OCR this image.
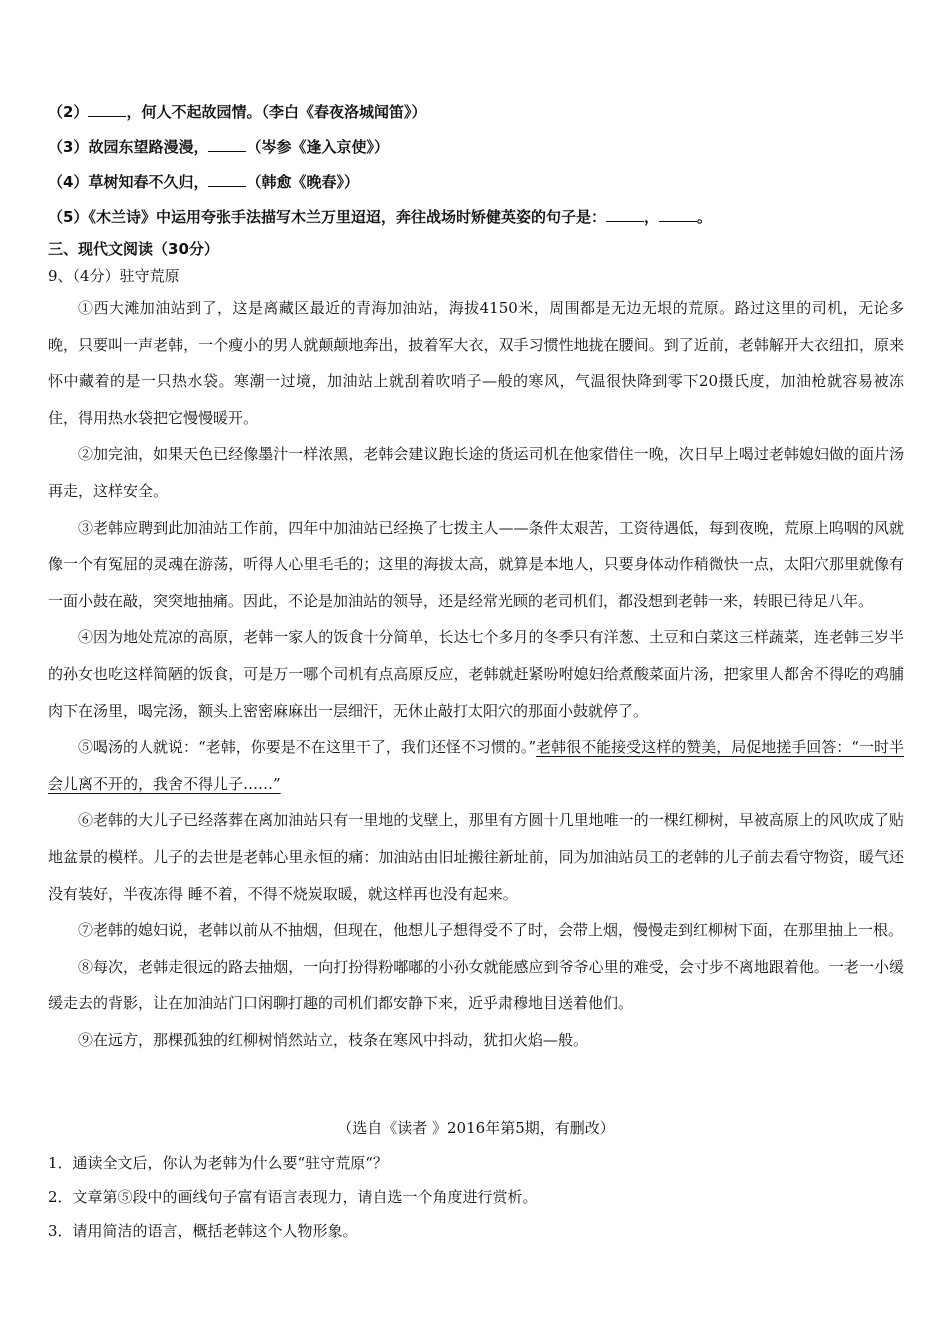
（2）	，何人不起故园情。（李白《春夜洛城闻笛》）
（3）故园东望路漫漫，	（岑参《逢入京使》）
（4）草树知春不久归，	（韩愈《晚春》）
（5）《木兰诗》中运用夸张手法描写木兰万里迢迢，奔往战场时矫健英姿的句子是：	，	。
三、现代文阅读（30分）
9、（4分）驻守荒原

①西大滩加油站到了，这是离藏区最近的青海加油站，海拔4150米，周围都是无边无垠的荒原。路过这里的司机，无论多晚，只要叫一声老韩，一个瘦小的男人就颠颠地奔出，披着军大衣，双手习惯性地拢在腰间。到了近前，老韩解开大衣纽扣，原来怀中藏着的是一只热水袋。寒潮一过境，加油站上就刮着吹哨子—般的寒风，气温很快降到零下20摄氏度，加油枪就容易被冻住，得用热水袋把它慢慢暖开。

②加完油，如果天色已经像墨汁一样浓黑，老韩会建议跑长途的货运司机在他家借住一晚，次日早上喝过老韩媳妇做的面片汤再走，这样安全。

③老韩应聘到此加油站工作前，四年中加油站已经换了七拨主人——条件太艰苦，工资待遇低，每到夜晚，荒原上呜咽的风就像一个有冤屈的灵魂在游荡，听得人心里毛毛的；这里的海拔太高，就算是本地人，只要身体动作稍微快一点，太阳穴那里就像有一面小鼓在敲，突突地抽痛。因此，不论是加油站的领导，还是经常光顾的老司机们，都没想到老韩一来，转眼已待足八年。

④因为地处荒凉的高原，老韩一家人的饭食十分简单，长达七个多月的冬季只有洋葱、土豆和白菜这三样蔬菜，连老韩三岁半的孙女也吃这样简陋的饭食，可是万一哪个司机有点高原反应，老韩就赶紧吩咐媳妇给煮酸菜面片汤，把家里人都舍不得吃的鸡脯肉下在汤里，喝完汤，额头上密密麻麻出一层细汗，无休止敲打太阳穴的那面小鼓就停了。

⑤喝汤的人就说：“老韩，你要是不在这里干了，我们还怪不习惯的。”老韩很不能接受这样的赞美，局促地搓手回答：“一时半会儿离不开的，我舍不得儿子……”

⑥老韩的大儿子已经落葬在离加油站只有一里地的戈壁上，那里有方圆十几里地唯一的一棵红柳树，早被高原上的风吹成了贴地盆景的模样。儿子的去世是老韩心里永恒的痛：加油站由旧址搬往新址前，同为加油站员工的老韩的儿子前去看守物资，暖气还没有装好，半夜冻得 睡不着，不得不烧炭取暖，就这样再也没有起来。

⑦老韩的媳妇说，老韩以前从不抽烟，但现在，他想儿子想得受不了时，会带上烟，慢慢走到红柳树下面，在那里抽上一根。

⑧每次，老韩走很远的路去抽烟，一向打扮得粉嘟嘟的小孙女就能感应到爷爷心里的难受，会寸步不离地跟着他。一老一小缓缓走去的背影，让在加油站门口闲聊打趣的司机们都安静下来，近乎肃穆地目送着他们。

⑨在远方，那棵孤独的红柳树悄然站立，枝条在寒风中抖动，犹扣火焰—般。

（选自《读者 》2016年第5期，有删改）
1．通读全文后，你认为老韩为什么要“驻守荒原“？
2．文章第⑤段中的画线句子富有语言表现力，请自选一个角度进行赏析。
3．请用简洁的语言，概括老韩这个人物形象。
